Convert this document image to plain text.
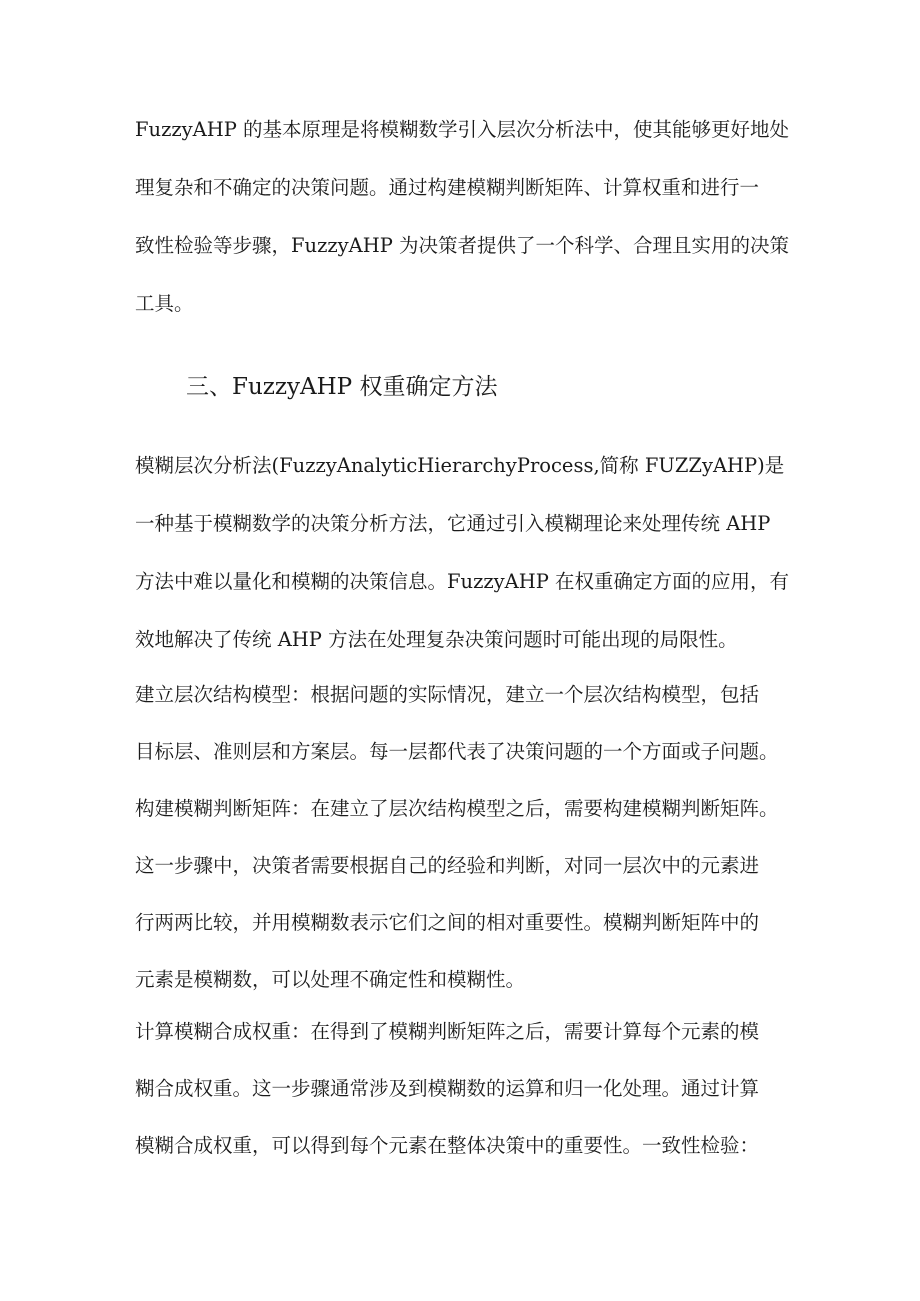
FuzzyAHP 的基本原理是将模糊数学引入层次分析法中，使其能够更好地处
理复杂和不确定的决策问题。通过构建模糊判断矩阵、计算权重和进行一
致性检验等步骤，FuzzyAHP 为决策者提供了一个科学、合理且实用的决策
工具。

三、FuzzyAHP 权重确定方法

模糊层次分析法(FuzzyAnalyticHierarchyProcess,简称 FUZZyAHP)是
一种基于模糊数学的决策分析方法，它通过引入模糊理论来处理传统 AHP
方法中难以量化和模糊的决策信息。FuzzyAHP 在权重确定方面的应用，有
效地解决了传统 AHP 方法在处理复杂决策问题时可能出现的局限性。

建立层次结构模型：根据问题的实际情况，建立一个层次结构模型，包括
目标层、准则层和方案层。每一层都代表了决策问题的一个方面或子问题。

构建模糊判断矩阵：在建立了层次结构模型之后，需要构建模糊判断矩阵。
这一步骤中，决策者需要根据自己的经验和判断，对同一层次中的元素进
行两两比较，并用模糊数表示它们之间的相对重要性。模糊判断矩阵中的
元素是模糊数，可以处理不确定性和模糊性。

计算模糊合成权重：在得到了模糊判断矩阵之后，需要计算每个元素的模
糊合成权重。这一步骤通常涉及到模糊数的运算和归一化处理。通过计算
模糊合成权重，可以得到每个元素在整体决策中的重要性。一致性检验：
